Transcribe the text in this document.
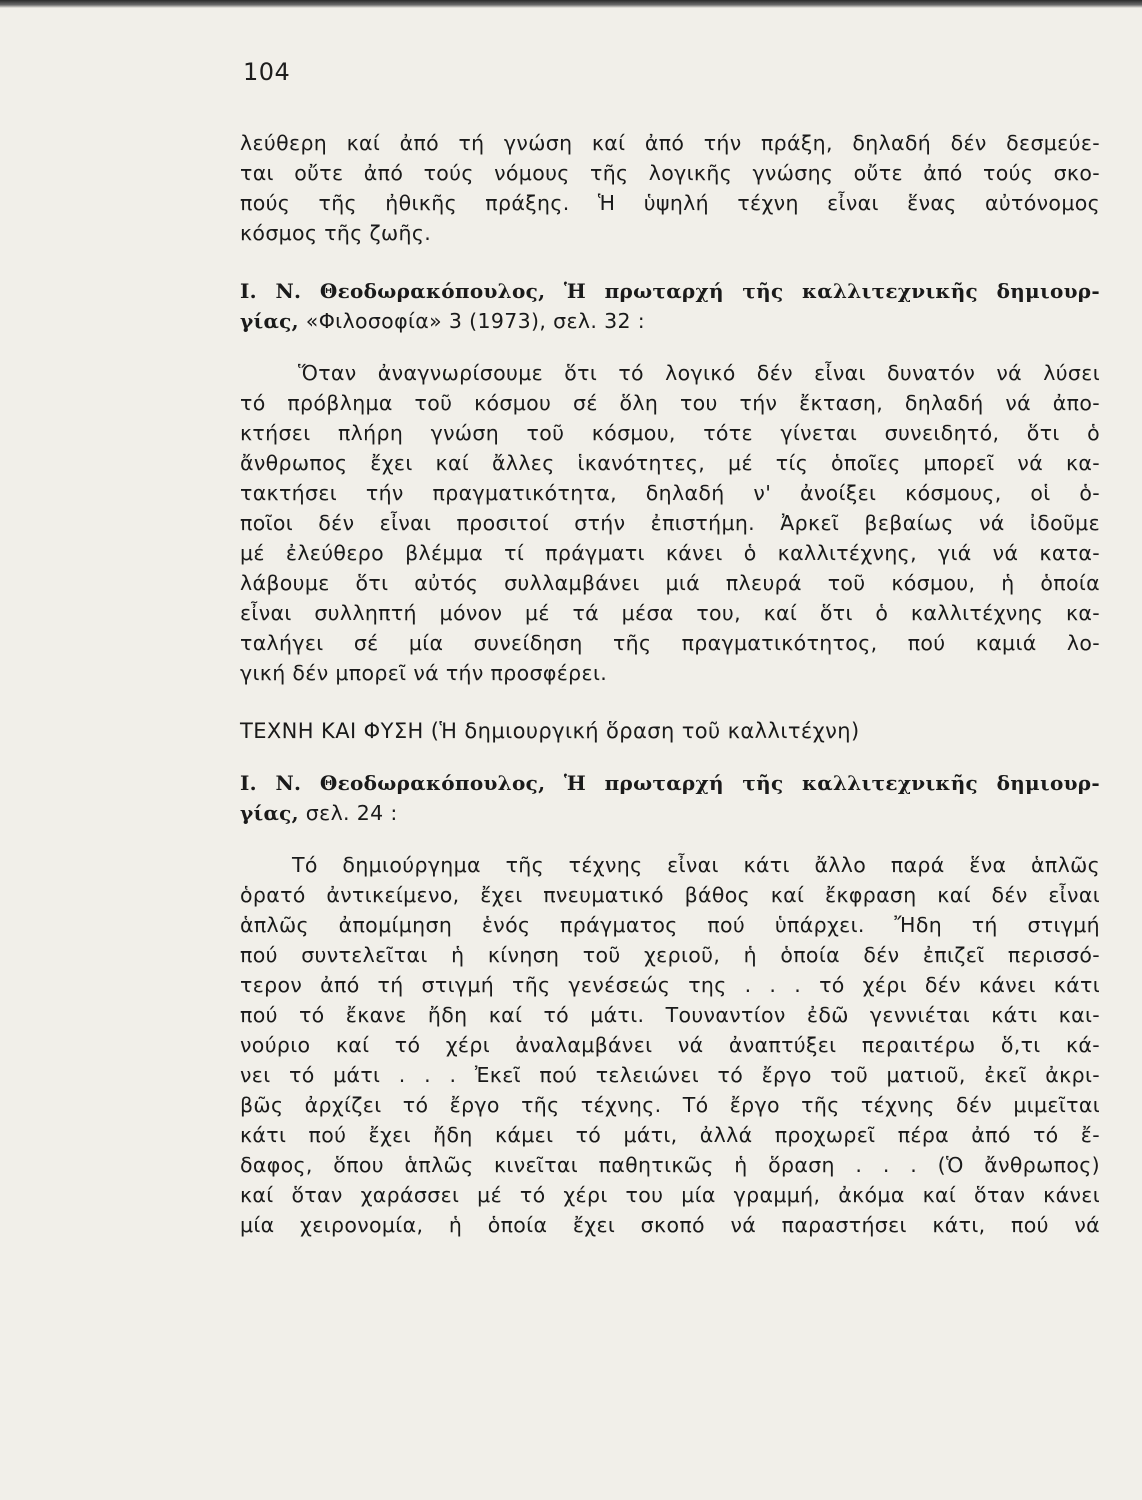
104
λεύθερη καί ἀπό τή γνώση καί ἀπό τήν πράξη, δηλαδή δέν δεσμεύε-
ται οὔτε ἀπό τούς νόμους τῆς λογικῆς γνώσης οὔτε ἀπό τούς σκο-
πούς τῆς ἠθικῆς πράξης. Ἡ ὑψηλή τέχνη εἶναι ἕνας αὐτόνομος
κόσμος τῆς ζωῆς.
Ι. Ν. Θεοδωρακόπουλος, Ἡ πρωταρχή τῆς καλλιτεχνικῆς δημιουρ-
γίας, «Φιλοσοφία» 3 (1973), σελ. 32 :
Ὅταν ἀναγνωρίσουμε ὅτι τό λογικό δέν εἶναι δυνατόν νά λύσει
τό πρόβλημα τοῦ κόσμου σέ ὅλη του τήν ἔκταση, δηλαδή νά ἀπο-
κτήσει πλήρη γνώση τοῦ κόσμου, τότε γίνεται συνειδητό, ὅτι ὁ
ἄνθρωπος ἔχει καί ἄλλες ἱκανότητες, μέ τίς ὁποῖες μπορεῖ νά κα-
τακτήσει τήν πραγματικότητα, δηλαδή ν' ἀνοίξει κόσμους, οἱ ὁ-
ποῖοι δέν εἶναι προσιτοί στήν ἐπιστήμη. Ἀρκεῖ βεβαίως νά ἰδοῦμε
μέ ἐλεύθερο βλέμμα τί πράγματι κάνει ὁ καλλιτέχνης, γιά νά κατα-
λάβουμε ὅτι αὐτός συλλαμβάνει μιά πλευρά τοῦ κόσμου, ἡ ὁποία
εἶναι συλληπτή μόνον μέ τά μέσα του, καί ὅτι ὁ καλλιτέχνης κα-
ταλήγει σέ μία συνείδηση τῆς πραγματικότητος, πού καμιά λο-
γική δέν μπορεῖ νά τήν προσφέρει.
ΤΕΧΝΗ ΚΑΙ ΦΥΣΗ (Ἡ δημιουργική ὅραση τοῦ καλλιτέχνη)
Ι. Ν. Θεοδωρακόπουλος, Ἡ πρωταρχή τῆς καλλιτεχνικῆς δημιουρ-
γίας, σελ. 24 :
Τό δημιούργημα τῆς τέχνης εἶναι κάτι ἄλλο παρά ἕνα ἁπλῶς
ὁρατό ἀντικείμενο, ἔχει πνευματικό βάθος καί ἔκφραση καί δέν εἶναι
ἁπλῶς ἀπομίμηση ἑνός πράγματος πού ὑπάρχει. Ἤδη τή στιγμή
πού συντελεῖται ἡ κίνηση τοῦ χεριοῦ, ἡ ὁποία δέν ἐπιζεῖ περισσό-
τερον ἀπό τή στιγμή τῆς γενέσεώς της . . . τό χέρι δέν κάνει κάτι
πού τό ἔκανε ἤδη καί τό μάτι. Τουναντίον ἐδῶ γεννιέται κάτι και-
νούριο καί τό χέρι ἀναλαμβάνει νά ἀναπτύξει περαιτέρω ὅ,τι κά-
νει τό μάτι . . . Ἐκεῖ πού τελειώνει τό ἔργο τοῦ ματιοῦ, ἐκεῖ ἀκρι-
βῶς ἀρχίζει τό ἔργο τῆς τέχνης. Τό ἔργο τῆς τέχνης δέν μιμεῖται
κάτι πού ἔχει ἤδη κάμει τό μάτι, ἀλλά προχωρεῖ πέρα ἀπό τό ἔ-
δαφος, ὅπου ἁπλῶς κινεῖται παθητικῶς ἡ ὅραση . . . (Ὁ ἄνθρωπος)
καί ὅταν χαράσσει μέ τό χέρι του μία γραμμή, ἀκόμα καί ὅταν κάνει
μία χειρονομία, ἡ ὁποία ἔχει σκοπό νά παραστήσει κάτι, πού νά
